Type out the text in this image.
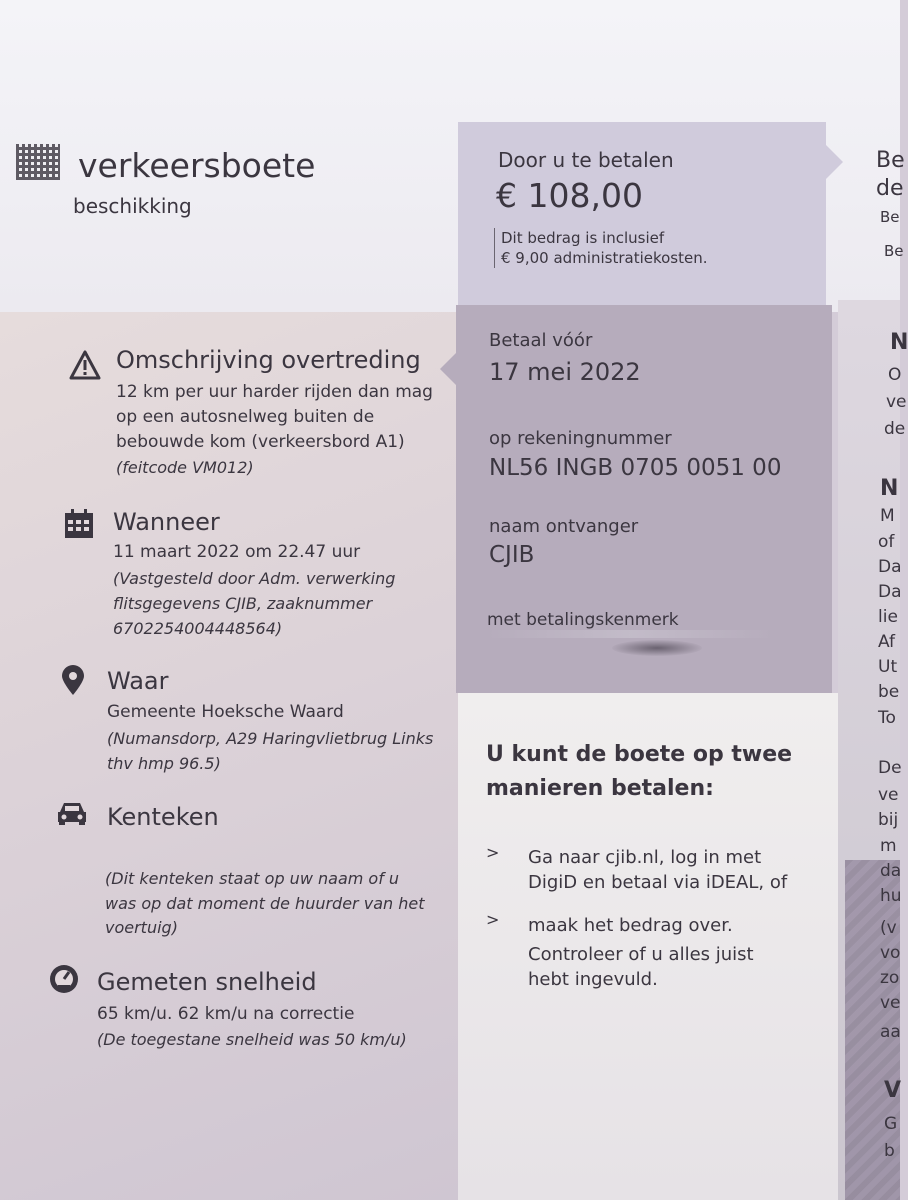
verkeersboete
beschikking
Door u te betalen
€ 108,00
Dit bedrag is inclusief
€ 9,00 administratiekosten.
Betaal vóór
17 mei 2022
op rekeningnummer
NL56 INGB 0705 0051 00
naam ontvanger
CJIB
met betalingskenmerk
U kunt de boete op twee
manieren betalen:
> Ga naar cjib.nl, log in met
DigiD en betaal via iDEAL, of
> maak het bedrag over.
Controleer of u alles juist
hebt ingevuld.
Omschrijving overtreding
12 km per uur harder rijden dan mag
op een autosnelweg buiten de
bebouwde kom (verkeersbord A1)
(feitcode VM012)
Wanneer
11 maart 2022 om 22.47 uur
(Vastgesteld door Adm. verwerking
flitsgegevens CJIB, zaaknummer
6702254004448564)
Waar
Gemeente Hoeksche Waard
(Numansdorp, A29 Haringvlietbrug Links
thv hmp 96.5)
Kenteken
(Dit kenteken staat op uw naam of u
was op dat moment de huurder van het
voertuig)
Gemeten snelheid
65 km/u. 62 km/u na correctie
(De toegestane snelheid was 50 km/u)
Be
de
Be
Be
N
O
ve
de
N
M
of
Da
Da
lie
Af
Ut
be
To
De
ve
bij
m
da
hu
(v
vo
zo
ve
aa
V
G
b
